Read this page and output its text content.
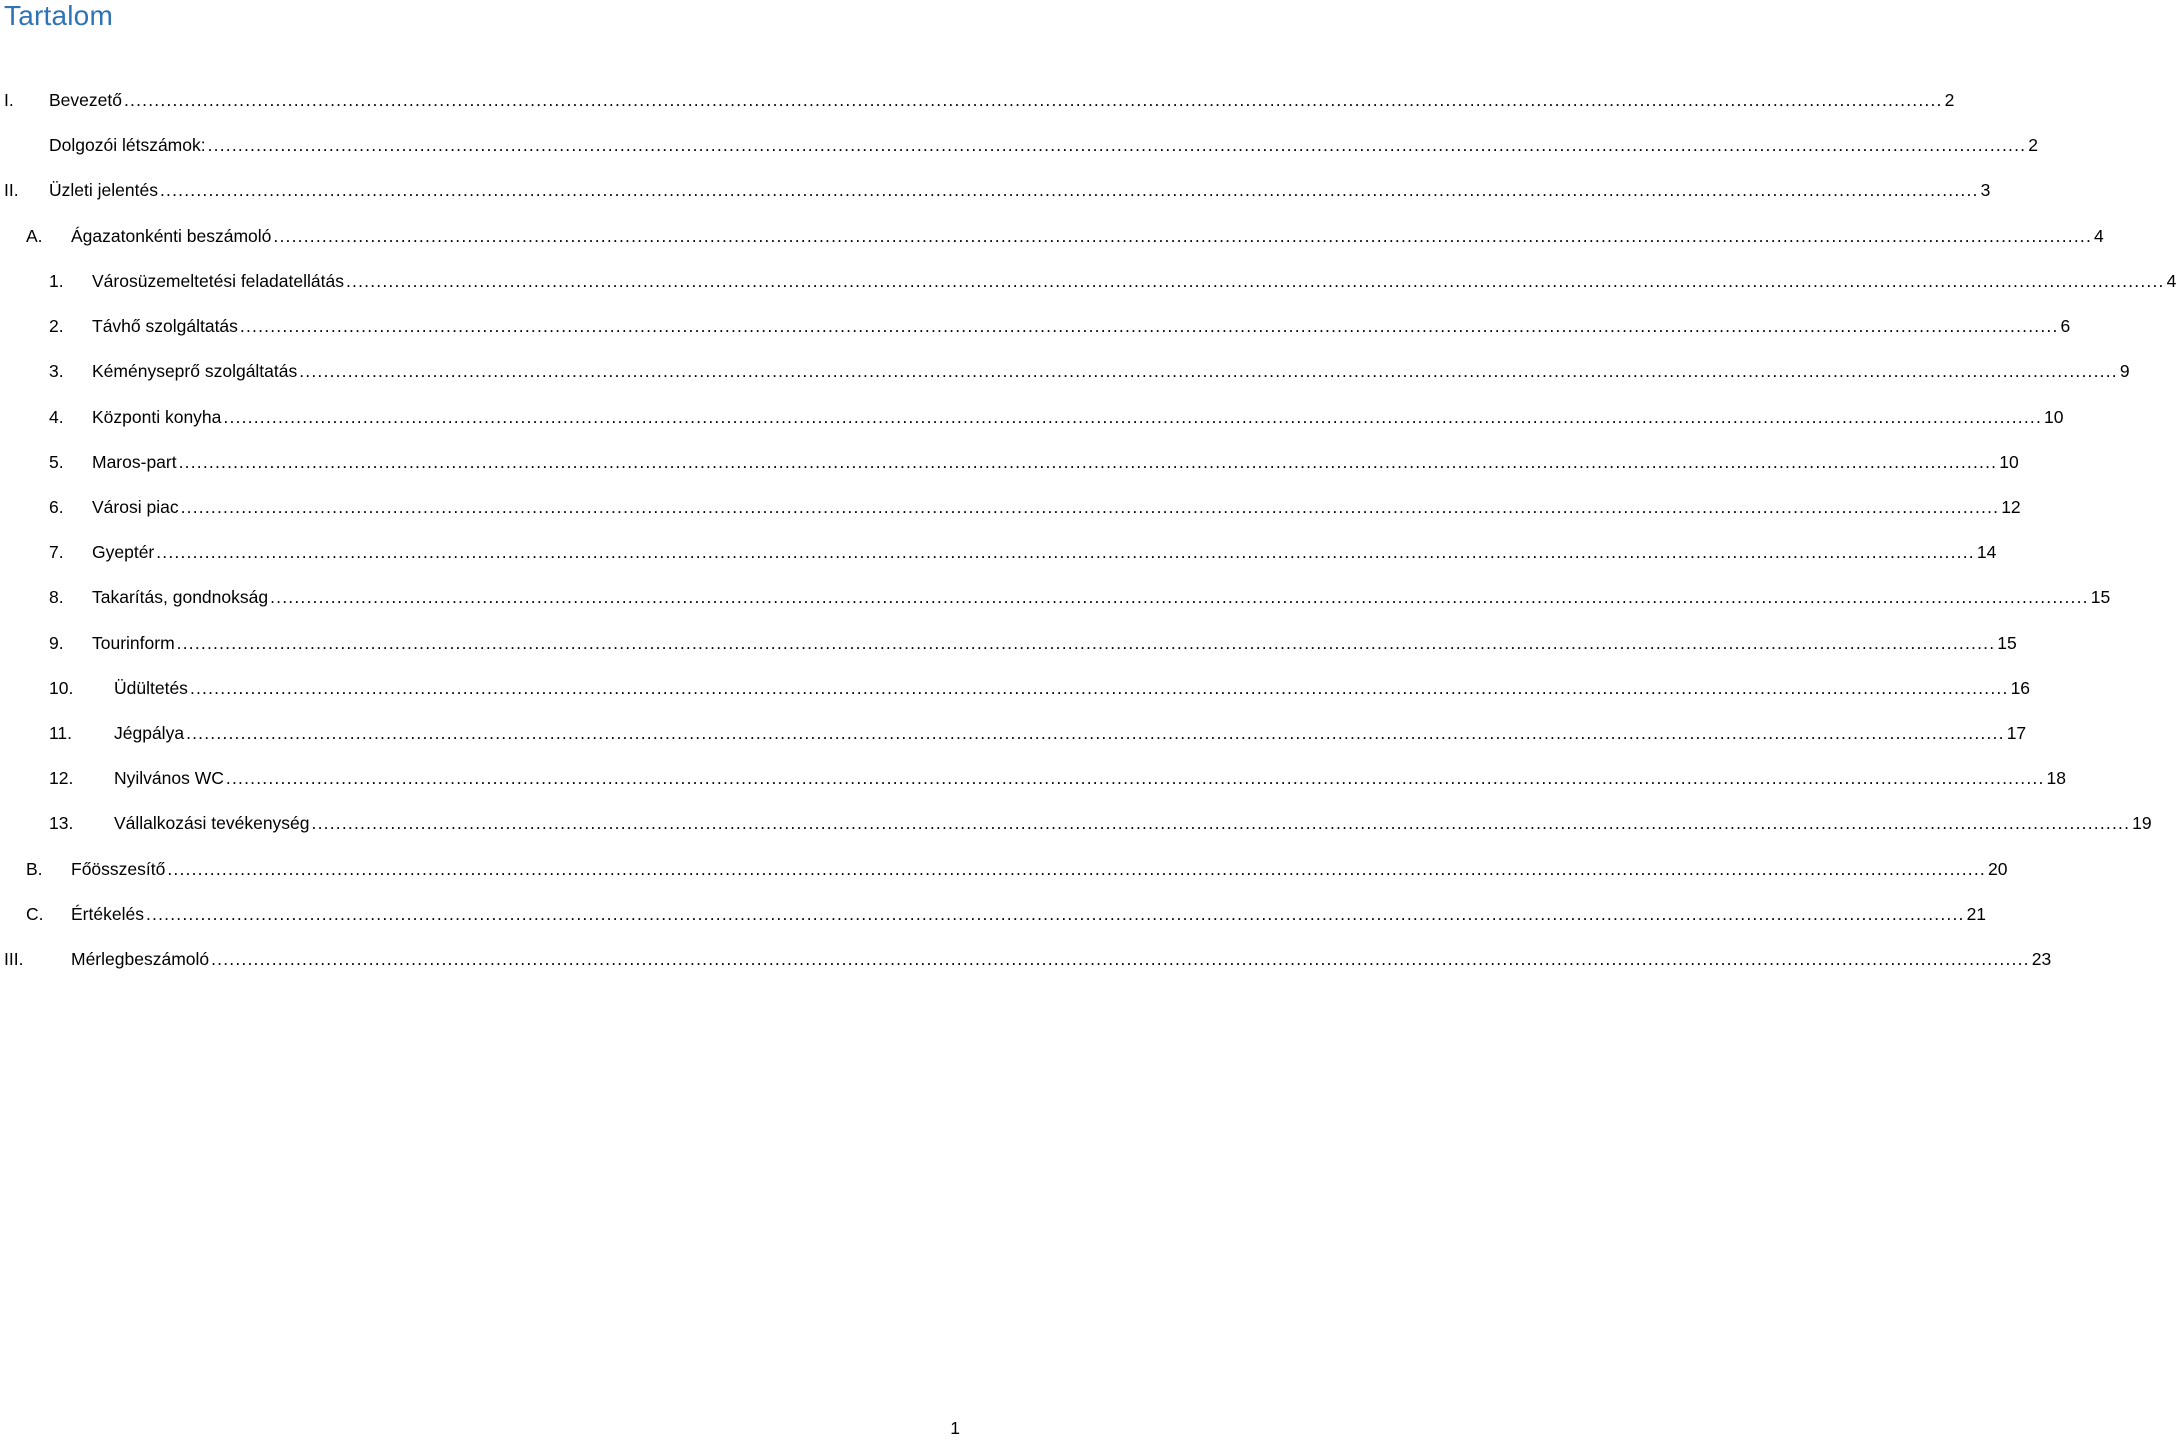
Tartalom
I.	Bevezető ............................................................................................................................................................................................................................................................................................................ 2
Dolgozói létszámok: ............................................................................................................................................................................................................................................................................................................ 2
II.	Üzleti jelentés ............................................................................................................................................................................................................................................................................................................ 3
A.	Ágazatonkénti beszámoló ............................................................................................................................................................................................................................................................................................................ 4
1.	Városüzemeltetési feladatellátás ............................................................................................................................................................................................................................................................................................................ 4
2.	Távhő szolgáltatás ............................................................................................................................................................................................................................................................................................................ 6
3.	Kéményseprő szolgáltatás ............................................................................................................................................................................................................................................................................................................ 9
4.	Központi konyha ............................................................................................................................................................................................................................................................................................................ 10
5.	Maros-part ............................................................................................................................................................................................................................................................................................................ 10
6.	Városi piac ............................................................................................................................................................................................................................................................................................................ 12
7.	Gyeptér ............................................................................................................................................................................................................................................................................................................ 14
8.	Takarítás, gondnokság ............................................................................................................................................................................................................................................................................................................ 15
9.	Tourinform ............................................................................................................................................................................................................................................................................................................ 15
10.	Üdültetés ............................................................................................................................................................................................................................................................................................................ 16
11.	Jégpálya ............................................................................................................................................................................................................................................................................................................ 17
12.	Nyilvános WC ............................................................................................................................................................................................................................................................................................................ 18
13.	Vállalkozási tevékenység ............................................................................................................................................................................................................................................................................................................ 19
B.	Főösszesítő ............................................................................................................................................................................................................................................................................................................ 20
C.	Értékelés ............................................................................................................................................................................................................................................................................................................ 21
III.	Mérlegbeszámoló ............................................................................................................................................................................................................................................................................................................ 23
1
